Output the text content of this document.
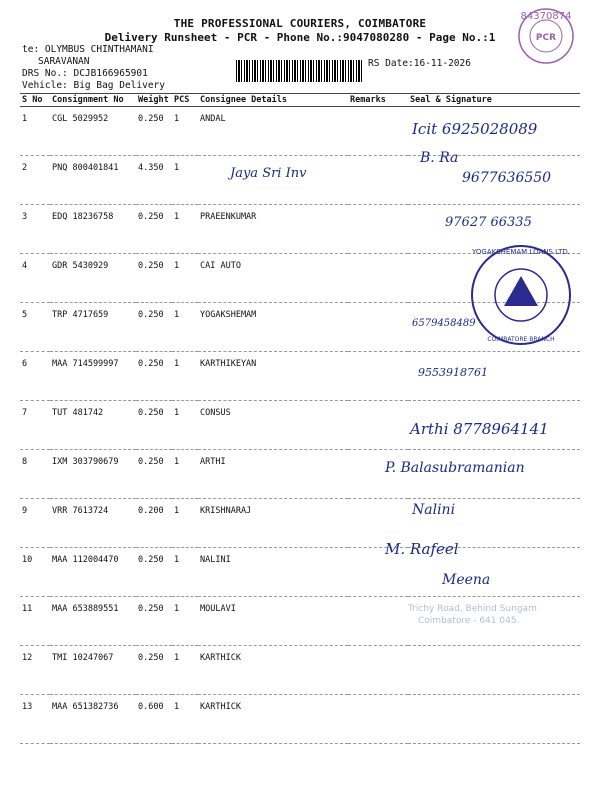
THE PROFESSIONAL COURIERS, COIMBATORE
Delivery Runsheet - PCR - Phone No.:9047080280 - Page No.:1
te: OLYMBUS CHINTHAMANI
SARAVANAN
DRS No.: DCJB166965901
Vehicle: Big Bag Delivery
RS Date:16-11-2026
S No	Consignment No	Weight	PCS	Consignee Details	Remarks	Seal & Signature
1	CGL 5029952	0.250	1	ANDAL		
2	PNQ 800401841	4.350	1			
3	EDQ 18236758	0.250	1	PRAEENKUMAR		
4	GDR 5430929	0.250	1	CAI AUTO		
5	TRP 4717659	0.250	1	YOGAKSHEMAM		
6	MAA 714599997	0.250	1	KARTHIKEYAN		
7	TUT 481742	0.250	1	CONSUS		
8	IXM 303790679	0.250	1	ARTHI		
9	VRR 7613724	0.200	1	KRISHNARAJ		
10	MAA 112004470	0.250	1	NALINI		
11	MAA 653889551	0.250	1	MOULAVI		
12	TMI 10247067	0.250	1	KARTHICK		
13	MAA 651382736	0.600	1	KARTHICK		
84370874
PCR
YOGAKSHEMAM LOANS LTD.
COIMBATORE BRANCH
Trichy Road, Behind Sungam
Coimbatore - 641 045.
Icit 6925028089
B. Ra
9677636550
Jaya Sri Inv
97627 66335
6579458489
9553918761
Arthi 8778964141
P. Balasubramanian
Nalini
M. Rafeel
Meena
